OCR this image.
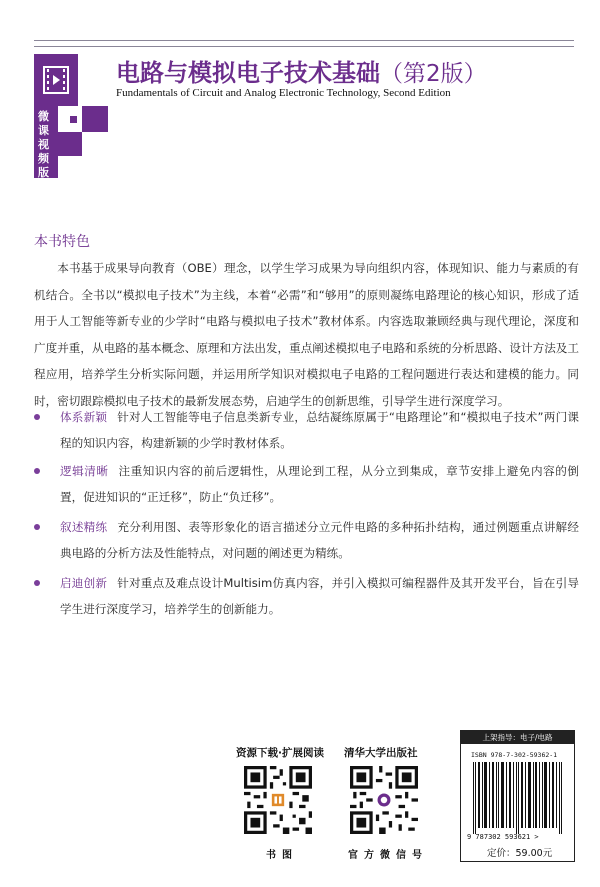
微课视频版
电路与模拟电子技术基础（第2版）
Fundamentals of Circuit and Analog Electronic Technology, Second Edition
本书特色
本书基于成果导向教育（OBE）理念，以学生学习成果为导向组织内容，体现知识、能力与素质的有机结合。全书以“模拟电子技术”为主线，本着“必需”和“够用”的原则凝练电路理论的核心知识，形成了适用于人工智能等新专业的少学时“电路与模拟电子技术”教材体系。内容选取兼顾经典与现代理论，深度和广度并重，从电路的基本概念、原理和方法出发，重点阐述模拟电子电路和系统的分析思路、设计方法及工程应用，培养学生分析实际问题，并运用所学知识对模拟电子电路的工程问题进行表达和建模的能力。同时，密切跟踪模拟电子技术的最新发展态势，启迪学生的创新思维，引导学生进行深度学习。
体系新颖 针对人工智能等电子信息类新专业，总结凝练原属于“电路理论”和“模拟电子技术”两门课程的知识内容，构建新颖的少学时教材体系。
逻辑清晰 注重知识内容的前后逻辑性，从理论到工程，从分立到集成，章节安排上避免内容的倒置，促进知识的“正迁移”，防止“负迁移”。
叙述精练 充分利用图、表等形象化的语言描述分立元件电路的多种拓扑结构，通过例题重点讲解经典电路的分析方法及性能特点，对问题的阐述更为精练。
启迪创新 针对重点及难点设计Multisim仿真内容，并引入模拟可编程器件及其开发平台，旨在引导学生进行深度学习，培养学生的创新能力。
资源下载·扩展阅读
书图
清华大学出版社
官方微信号
上架指导：电子/电路
ISBN 978-7-302-59362-1
9 787302 593621 >
定价：59.00元
